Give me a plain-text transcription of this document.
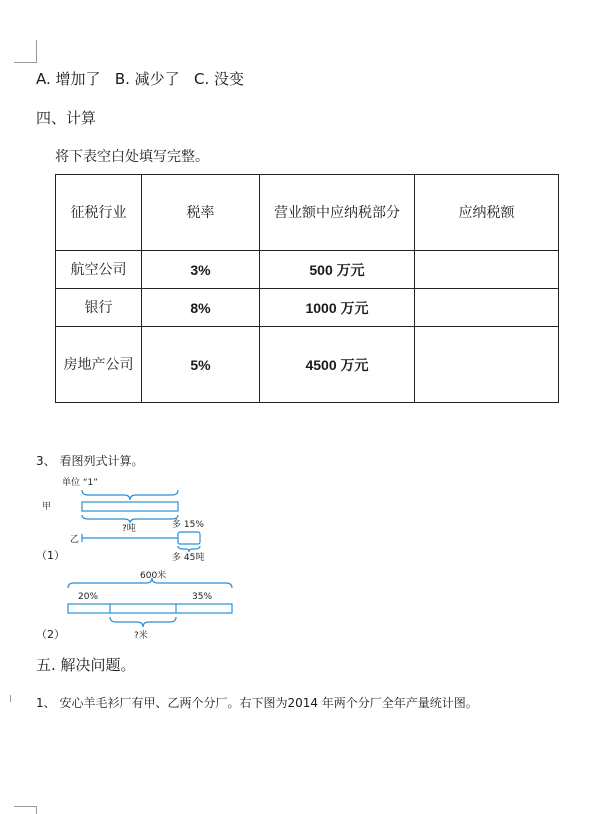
A. 增加了   B. 减少了   C. 没变
四、计算
将下表空白处填写完整。
征税行业	税率	营业额中应纳税部分	应纳税额
航空公司	3%	500 万元	
银行	8%	1000 万元	
房地产公司	5%	4500 万元	
3、 看图列式计算。
单位 “1”
甲
?吨	多 15%
乙
多 45吨
（1）
600米
20%	35%
?米
（2）
五. 解决问题。
1、 安心羊毛衫厂有甲、乙两个分厂。右下图为2014 年两个分厂全年产量统计图。
